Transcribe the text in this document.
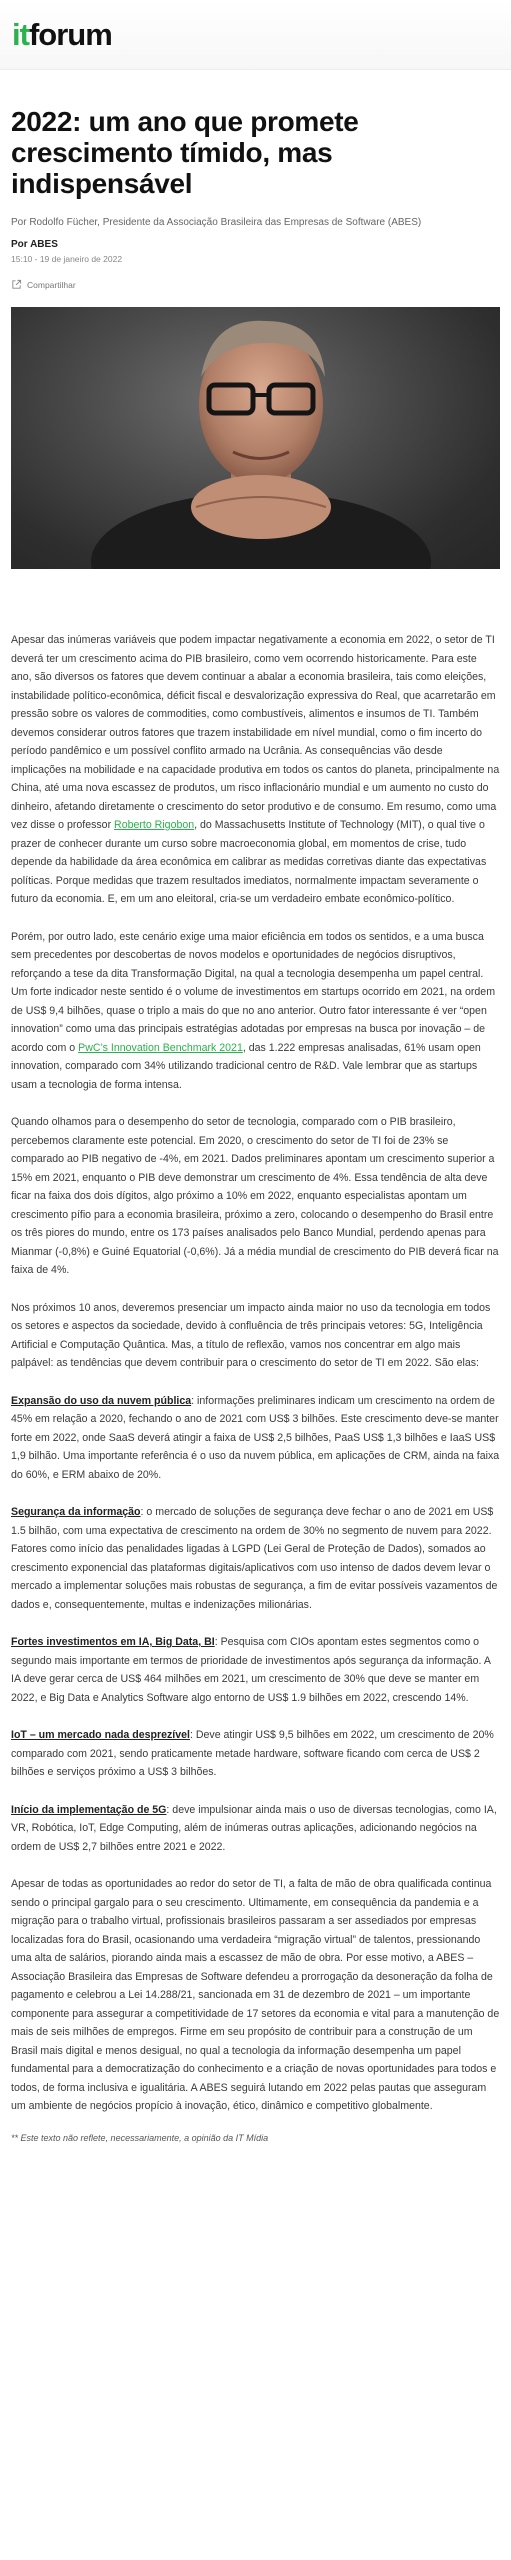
it forum
2022: um ano que promete crescimento tímido, mas indispensável
Por Rodolfo Fücher, Presidente da Associação Brasileira das Empresas de Software (ABES)
Por ABES
15:10 - 19 de janeiro de 2022
Compartilhar

Apesar das inúmeras variáveis que podem impactar negativamente a economia em 2022, o setor de TI deverá ter um crescimento acima do PIB brasileiro, como vem ocorrendo historicamente. Para este ano, são diversos os fatores que devem continuar a abalar a economia brasileira, tais como eleições, instabilidade político-econômica, déficit fiscal e desvalorização expressiva do Real, que acarretarão em pressão sobre os valores de commodities, como combustíveis, alimentos e insumos de TI. Também devemos considerar outros fatores que trazem instabilidade em nível mundial, como o fim incerto do período pandêmico e um possível conflito armado na Ucrânia. As consequências vão desde implicações na mobilidade e na capacidade produtiva em todos os cantos do planeta, principalmente na China, até uma nova escassez de produtos, um risco inflacionário mundial e um aumento no custo do dinheiro, afetando diretamente o crescimento do setor produtivo e de consumo. Em resumo, como uma vez disse o professor Roberto Rigobon, do Massachusetts Institute of Technology (MIT), o qual tive o prazer de conhecer durante um curso sobre macroeconomia global, em momentos de crise, tudo depende da habilidade da área econômica em calibrar as medidas corretivas diante das expectativas políticas. Porque medidas que trazem resultados imediatos, normalmente impactam severamente o futuro da economia. E, em um ano eleitoral, cria-se um verdadeiro embate econômico-político.

Porém, por outro lado, este cenário exige uma maior eficiência em todos os sentidos, e a uma busca sem precedentes por descobertas de novos modelos e oportunidades de negócios disruptivos, reforçando a tese da dita Transformação Digital, na qual a tecnologia desempenha um papel central. Um forte indicador neste sentido é o volume de investimentos em startups ocorrido em 2021, na ordem de US$ 9,4 bilhões, quase o triplo a mais do que no ano anterior. Outro fator interessante é ver “open innovation” como uma das principais estratégias adotadas por empresas na busca por inovação – de acordo com o PwC’s Innovation Benchmark 2021, das 1.222 empresas analisadas, 61% usam open innovation, comparado com 34% utilizando tradicional centro de R&D. Vale lembrar que as startups usam a tecnologia de forma intensa.

Quando olhamos para o desempenho do setor de tecnologia, comparado com o PIB brasileiro, percebemos claramente este potencial. Em 2020, o crescimento do setor de TI foi de 23% se comparado ao PIB negativo de -4%, em 2021. Dados preliminares apontam um crescimento superior a 15% em 2021, enquanto o PIB deve demonstrar um crescimento de 4%. Essa tendência de alta deve ficar na faixa dos dois dígitos, algo próximo a 10% em 2022, enquanto especialistas apontam um crescimento pífio para a economia brasileira, próximo a zero, colocando o desempenho do Brasil entre os três piores do mundo, entre os 173 países analisados pelo Banco Mundial, perdendo apenas para Mianmar (-0,8%) e Guiné Equatorial (-0,6%). Já a média mundial de crescimento do PIB deverá ficar na faixa de 4%.

Nos próximos 10 anos, deveremos presenciar um impacto ainda maior no uso da tecnologia em todos os setores e aspectos da sociedade, devido à confluência de três principais vetores: 5G, Inteligência Artificial e Computação Quântica. Mas, a título de reflexão, vamos nos concentrar em algo mais palpável: as tendências que devem contribuir para o crescimento do setor de TI em 2022. São elas:

Expansão do uso da nuvem pública: informações preliminares indicam um crescimento na ordem de 45% em relação a 2020, fechando o ano de 2021 com US$ 3 bilhões. Este crescimento deve-se manter forte em 2022, onde SaaS deverá atingir a faixa de US$ 2,5 bilhões, PaaS US$ 1,3 bilhões e IaaS US$ 1,9 bilhão. Uma importante referência é o uso da nuvem pública, em aplicações de CRM, ainda na faixa do 60%, e ERM abaixo de 20%.

Segurança da informação: o mercado de soluções de segurança deve fechar o ano de 2021 em US$ 1.5 bilhão, com uma expectativa de crescimento na ordem de 30% no segmento de nuvem para 2022. Fatores como início das penalidades ligadas à LGPD (Lei Geral de Proteção de Dados), somados ao crescimento exponencial das plataformas digitais/aplicativos com uso intenso de dados devem levar o mercado a implementar soluções mais robustas de segurança, a fim de evitar possíveis vazamentos de dados e, consequentemente, multas e indenizações milionárias.

Fortes investimentos em IA, Big Data, BI: Pesquisa com CIOs apontam estes segmentos como o segundo mais importante em termos de prioridade de investimentos após segurança da informação. A IA deve gerar cerca de US$ 464 milhões em 2021, um crescimento de 30% que deve se manter em 2022, e Big Data e Analytics Software algo entorno de US$ 1.9 bilhões em 2022, crescendo 14%.

IoT – um mercado nada desprezível: Deve atingir US$ 9,5 bilhões em 2022, um crescimento de 20% comparado com 2021, sendo praticamente metade hardware, software ficando com cerca de US$ 2 bilhões e serviços próximo a US$ 3 bilhões.

Início da implementação de 5G: deve impulsionar ainda mais o uso de diversas tecnologias, como IA, VR, Robótica, IoT, Edge Computing, além de inúmeras outras aplicações, adicionando negócios na ordem de US$ 2,7 bilhões entre 2021 e 2022.

Apesar de todas as oportunidades ao redor do setor de TI, a falta de mão de obra qualificada continua sendo o principal gargalo para o seu crescimento. Ultimamente, em consequência da pandemia e a migração para o trabalho virtual, profissionais brasileiros passaram a ser assediados por empresas localizadas fora do Brasil, ocasionando uma verdadeira “migração virtual” de talentos, pressionando uma alta de salários, piorando ainda mais a escassez de mão de obra. Por esse motivo, a ABES – Associação Brasileira das Empresas de Software defendeu a prorrogação da desoneração da folha de pagamento e celebrou a Lei 14.288/21, sancionada em 31 de dezembro de 2021 – um importante componente para assegurar a competitividade de 17 setores da economia e vital para a manutenção de mais de seis milhões de empregos. Firme em seu propósito de contribuir para a construção de um Brasil mais digital e menos desigual, no qual a tecnologia da informação desempenha um papel fundamental para a democratização do conhecimento e a criação de novas oportunidades para todos e todos, de forma inclusiva e igualitária. A ABES seguirá lutando em 2022 pelas pautas que asseguram um ambiente de negócios propício à inovação, ético, dinâmico e competitivo globalmente.

** Este texto não reflete, necessariamente, a opinião da IT Mídia
